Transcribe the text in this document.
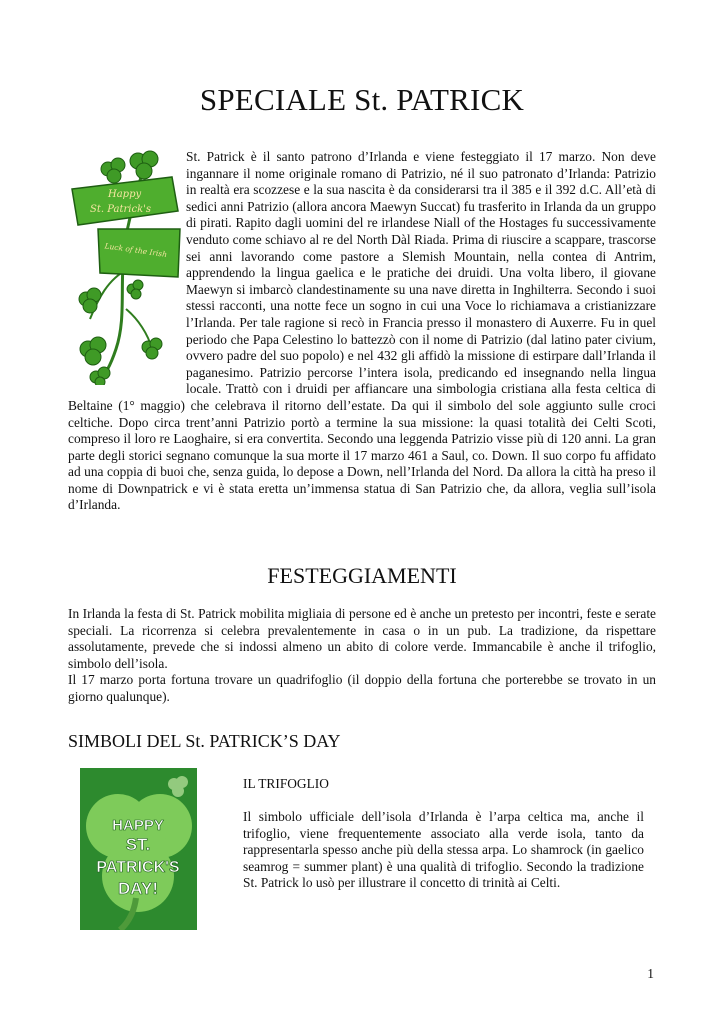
SPECIALE St. PATRICK
Happy
St. Patrick's
Luck of the Irish

St. Patrick è il santo patrono d’Irlanda e viene festeggiato il 17 marzo. Non deve ingannare il nome originale romano di Patrizio, né il suo patronato d’Irlanda: Patrizio in realtà era scozzese e la sua nascita è da considerarsi tra il 385 e il 392 d.C. All’età di sedici anni Patrizio (allora ancora Maewyn Succat) fu trasferito in Irlanda da un gruppo di pirati. Rapito dagli uomini del re irlandese Niall of the Hostages fu successivamente venduto come schiavo al re del North Dàl Riada. Prima di riuscire a scappare, trascorse sei anni lavorando come pastore a Slemish Mountain, nella contea di Antrim, apprendendo la lingua gaelica e le pratiche dei druidi. Una volta libero, il giovane Maewyn si imbarcò clandestinamente su una nave diretta in Inghilterra. Secondo i suoi stessi racconti, una notte fece un sogno in cui una Voce lo richiamava a cristianizzare l’Irlanda. Per tale ragione si recò in Francia presso il monastero di Auxerre. Fu in quel periodo che Papa Celestino lo battezzò con il nome di Patrizio (dal latino pater civium, ovvero padre del suo popolo) e nel 432 gli affidò la missione di estirpare dall’Irlanda il paganesimo. Patrizio percorse l’intera isola, predicando ed insegnando nella lingua locale. Trattò con i druidi per affiancare una simbologia cristiana alla festa celtica di Beltaine (1° maggio) che celebrava il ritorno dell’estate. Da qui il simbolo del sole aggiunto sulle croci celtiche. Dopo circa trent’anni Patrizio portò a termine la sua missione: la quasi totalità dei Celti Scoti, compreso il loro re Laoghaire, si era convertita. Secondo una leggenda Patrizio visse più di 120 anni. La gran parte degli storici segnano comunque la sua morte il 17 marzo 461 a Saul, co. Down. Il suo corpo fu affidato ad una coppia di buoi che, senza guida, lo depose a Down, nell’Irlanda del Nord. Da allora la città ha preso il nome di Downpatrick e vi è stata eretta un’immensa statua di San Patrizio che, da allora, veglia sull’isola d’Irlanda.

FESTEGGIAMENTI

In Irlanda la festa di St. Patrick mobilita migliaia di persone ed è anche un pretesto per incontri, feste e serate speciali. La ricorrenza si celebra prevalentemente in casa o in un pub. La tradizione, da rispettare assolutamente, prevede che si indossi almeno un abito di colore verde. Immancabile è anche il trifoglio, simbolo dell’isola.

Il 17 marzo porta fortuna trovare un quadrifoglio (il doppio della fortuna che porterebbe se trovato in un giorno qualunque).

SIMBOLI DEL St. PATRICK’S DAY
HAPPY
ST.
PATRICK'S
DAY!

IL TRIFOGLIO

Il simbolo ufficiale dell’isola d’Irlanda è l’arpa celtica ma, anche il trifoglio, viene frequentemente associato alla verde isola, tanto da rappresentarla spesso anche più della stessa arpa. Lo shamrock (in gaelico seamrog = summer plant) è una qualità di trifoglio. Secondo la tradizione St. Patrick lo usò per illustrare il concetto di trinità ai Celti.

1
